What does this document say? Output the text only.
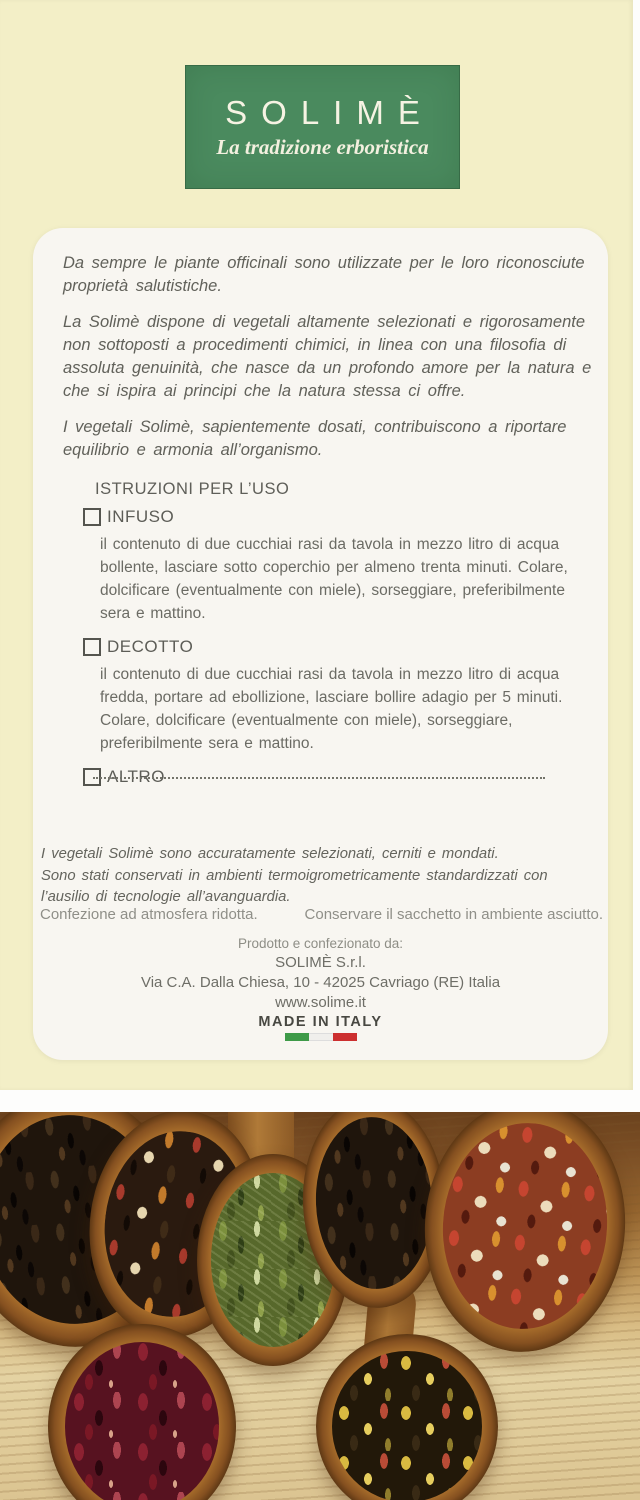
SOLIMÈ
La tradizione erboristica

Da sempre le piante officinali sono utilizzate per le loro riconosciute proprietà salutistiche.

La Solimè dispone di vegetali altamente selezionati e rigorosamente non sottoposti a procedimenti chimici, in linea con una filosofia di assoluta genuinità, che nasce da un profondo amore per la natura e che si ispira ai principi che la natura stessa ci offre.

I vegetali Solimè, sapientemente dosati, contribuiscono a riportare equilibrio e armonia all’organismo.

ISTRUZIONI PER L’USO
INFUSO

il contenuto di due cucchiai rasi da tavola in mezzo litro di acqua bollente, lasciare sotto coperchio per almeno trenta minuti. Colare, dolcificare (eventualmente con miele), sorseggiare, preferibilmente sera e mattino.

DECOTTO

il contenuto di due cucchiai rasi da tavola in mezzo litro di acqua fredda, portare ad ebollizione, lasciare bollire adagio per 5 minuti. Colare, dolcificare (eventualmente con miele), sorseggiare, preferibilmente sera e mattino.

ALTRO

I vegetali Solimè sono accuratamente selezionati, cerniti e mondati.

Sono stati conservati in ambienti termoigrometricamente standardizzati con l’ausilio di tecnologie all’avanguardia.

Confezione ad atmosfera ridotta.	Conservare il sacchetto in ambiente asciutto.
Prodotto e confezionato da:
SOLIMÈ S.r.l.
Via C.A. Dalla Chiesa, 10 - 42025 Cavriago (RE) Italia
www.solime.it
MADE IN ITALY
